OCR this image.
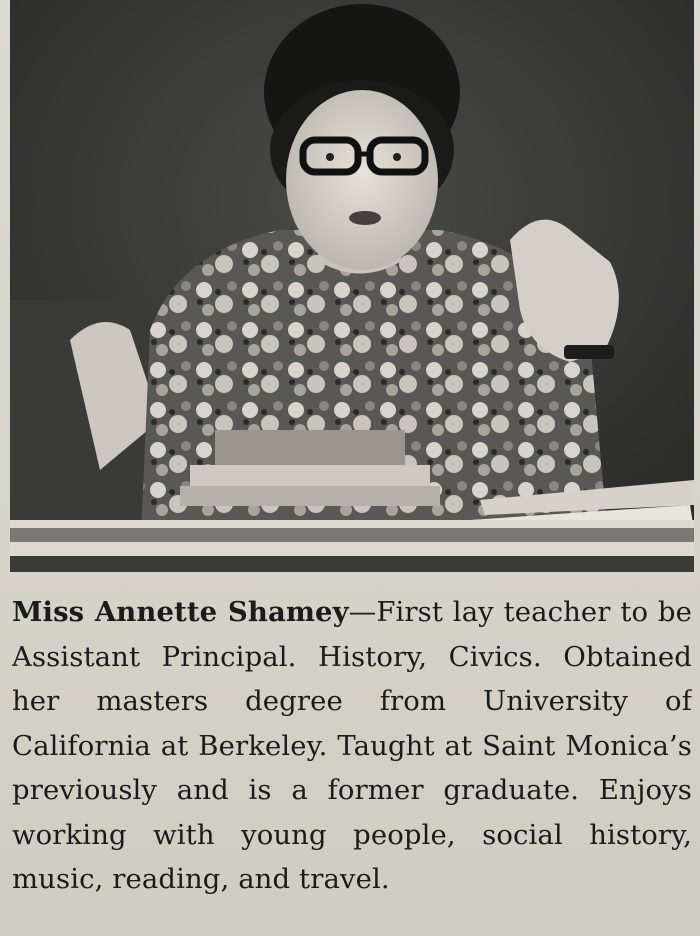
Miss Annette Shamey—First lay teacher to be Assistant Principal. History, Civics. Obtained her masters degree from University of California at Berkeley. Taught at Saint Monica’s previously and is a former graduate. Enjoys working with young people, social history, music, reading, and travel.
